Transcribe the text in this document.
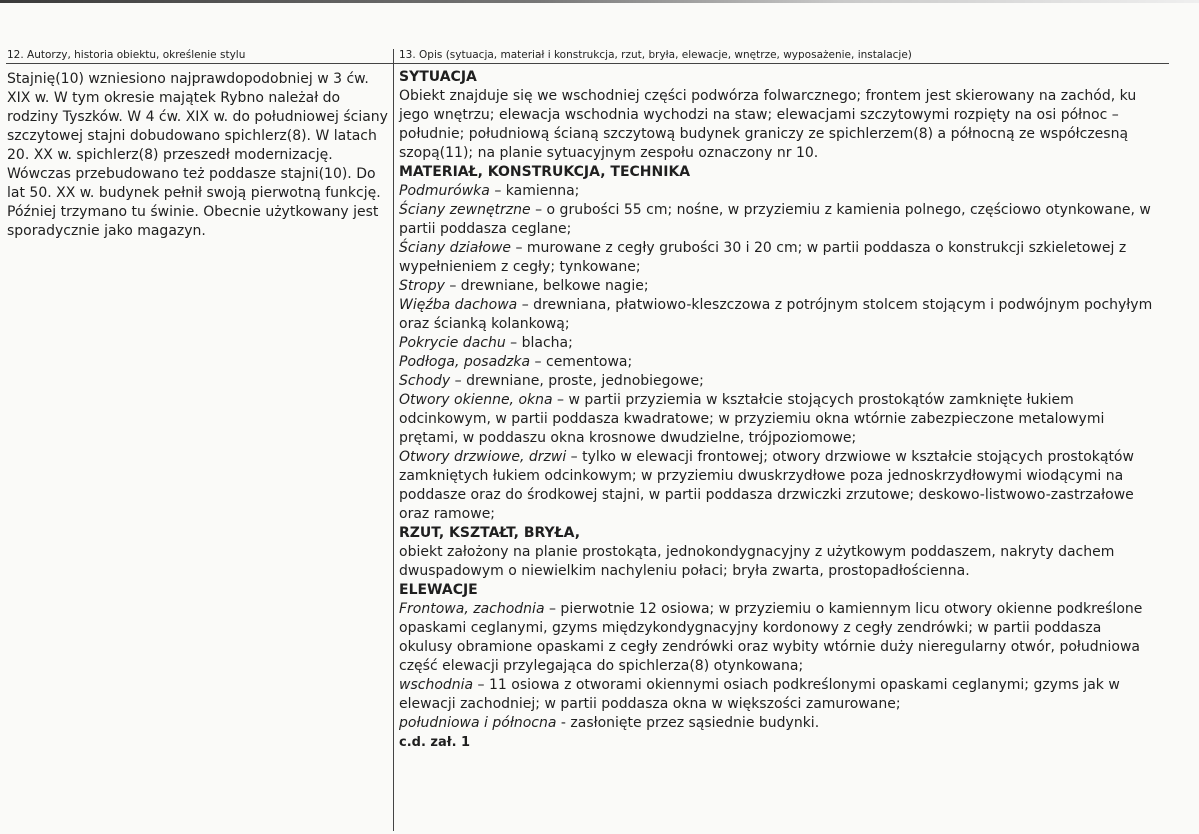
12. Autorzy, historia obiektu, określenie stylu	13. Opis (sytuacja, materiał i konstrukcja, rzut, bryła, elewacje, wnętrze, wyposażenie, instalacje)
Stajnię(10) wzniesiono najprawdopodobniej w 3 ćw. XIX w. W tym okresie majątek Rybno należał do rodziny Tyszków. W 4 ćw. XIX w. do południowej ściany szczytowej stajni dobudowano spichlerz(8). W latach 20. XX w. spichlerz(8) przeszedł modernizację. Wówczas przebudowano też poddasze stajni(10). Do lat 50. XX w. budynek pełnił swoją pierwotną funkcję. Później trzymano tu świnie. Obecnie użytkowany jest sporadycznie jako magazyn.

SYTUACJA

Obiekt znajduje się we wschodniej części podwórza folwarcznego; frontem jest skierowany na zachód, ku jego wnętrzu; elewacja wschodnia wychodzi na staw; elewacjami szczytowymi rozpięty na osi północ – południe; południową ścianą szczytową budynek graniczy ze spichlerzem(8) a północną ze współczesną szopą(11); na planie sytuacyjnym zespołu oznaczony nr 10.

MATERIAŁ, KONSTRUKCJA, TECHNIKA

Podmurówka – kamienna;

Ściany zewnętrzne – o grubości 55 cm; nośne, w przyziemiu z kamienia polnego, częściowo otynkowane, w partii poddasza ceglane;

Ściany działowe – murowane z cegły grubości 30 i 20 cm; w partii poddasza o konstrukcji szkieletowej z wypełnieniem z cegły; tynkowane;

Stropy – drewniane, belkowe nagie;

Więźba dachowa – drewniana, płatwiowo-kleszczowa z potrójnym stolcem stojącym i podwójnym pochyłym oraz ścianką kolankową;

Pokrycie dachu – blacha;

Podłoga, posadzka – cementowa;

Schody – drewniane, proste, jednobiegowe;

Otwory okienne, okna – w partii przyziemia w kształcie stojących prostokątów zamknięte łukiem odcinkowym, w partii poddasza kwadratowe; w przyziemiu okna wtórnie zabezpieczone metalowymi prętami, w poddaszu okna krosnowe dwudzielne, trójpoziomowe;

Otwory drzwiowe, drzwi – tylko w elewacji frontowej; otwory drzwiowe w kształcie stojących prostokątów zamkniętych łukiem odcinkowym; w przyziemiu dwuskrzydłowe poza jednoskrzydłowymi wiodącymi na poddasze oraz do środkowej stajni, w partii poddasza drzwiczki zrzutowe; deskowo-listwowo-zastrzałowe oraz ramowe;

RZUT, KSZTAŁT, BRYŁA,

obiekt założony na planie prostokąta, jednokondygnacyjny z użytkowym poddaszem, nakryty dachem dwuspadowym o niewielkim nachyleniu połaci; bryła zwarta, prostopadłościenna.

ELEWACJE

Frontowa, zachodnia – pierwotnie 12 osiowa; w przyziemiu o kamiennym licu otwory okienne podkreślone opaskami ceglanymi, gzyms międzykondygnacyjny kordonowy z cegły zendrówki; w partii poddasza okulusy obramione opaskami z cegły zendrówki oraz wybity wtórnie duży nieregularny otwór, południowa część elewacji przylegająca do spichlerza(8) otynkowana;

wschodnia – 11 osiowa z otworami okiennymi osiach podkreślonymi opaskami ceglanymi; gzyms jak w elewacji zachodniej; w partii poddasza okna w większości zamurowane;

południowa i północna - zasłonięte przez sąsiednie budynki.

c.d. zał. 1
